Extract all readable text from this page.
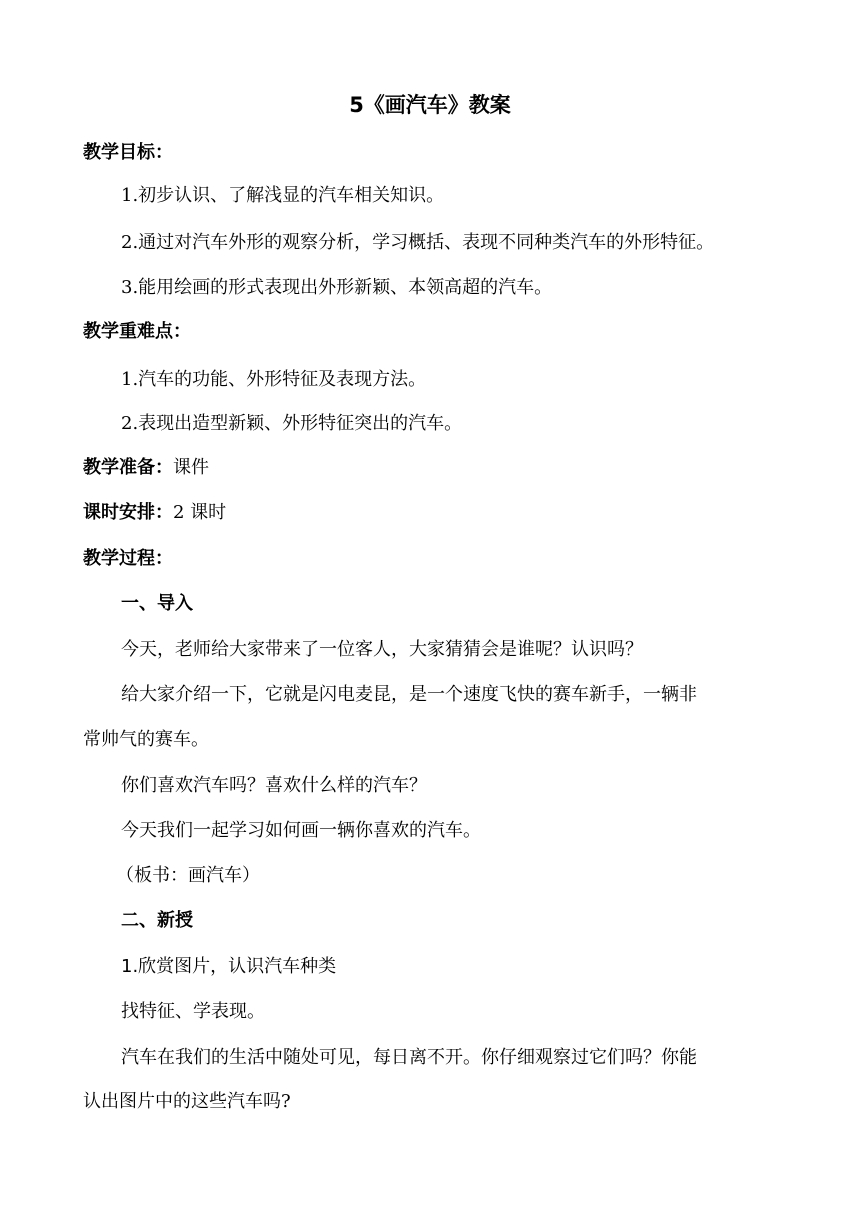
5《画汽车》教案
教学目标：
1.初步认识、了解浅显的汽车相关知识。
2.通过对汽车外形的观察分析，学习概括、表现不同种类汽车的外形特征。
3.能用绘画的形式表现出外形新颖、本领高超的汽车。
教学重难点：
1.汽车的功能、外形特征及表现方法。
2.表现出造型新颖、外形特征突出的汽车。
教学准备：课件
课时安排：2 课时
教学过程：
一、导入
今天，老师给大家带来了一位客人，大家猜猜会是谁呢？认识吗？
给大家介绍一下，它就是闪电麦昆，是一个速度飞快的赛车新手，一辆非
常帅气的赛车。
你们喜欢汽车吗？喜欢什么样的汽车？
今天我们一起学习如何画一辆你喜欢的汽车。
（板书：画汽车）
二、新授
1.欣赏图片，认识汽车种类
找特征、学表现。
汽车在我们的生活中随处可见，每日离不开。你仔细观察过它们吗？你能
认出图片中的这些汽车吗?
